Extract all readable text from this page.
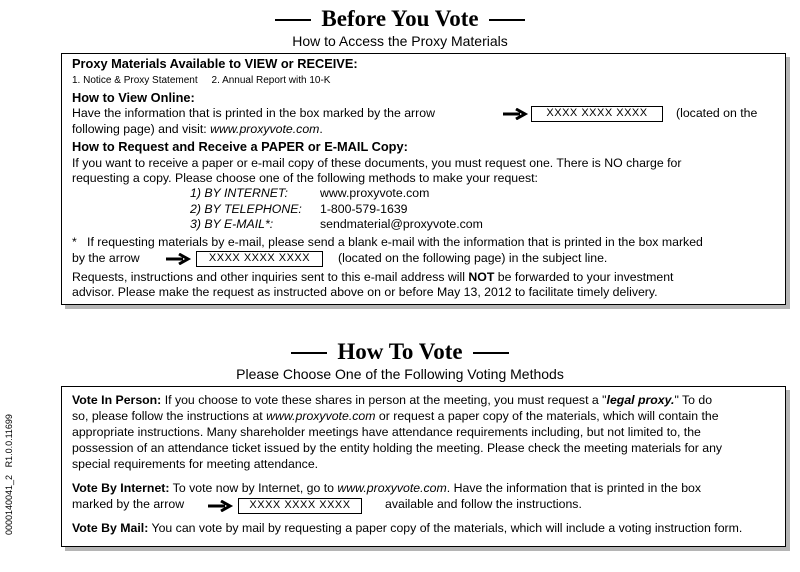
Before You Vote
How to Access the Proxy Materials
Proxy Materials Available to VIEW or RECEIVE:
1. Notice & Proxy Statement     2. Annual Report with 10-K
How to View Online:
Have the information that is printed in the box marked by the arrow	XXXX XXXX XXXX	(located on the
following page) and visit: www.proxyvote.com.
How to Request and Receive a PAPER or E-MAIL Copy:
If you want to receive a paper or e-mail copy of these documents, you must request one. There is NO charge for
requesting a copy. Please choose one of the following methods to make your request:
1) BY INTERNET:	www.proxyvote.com
2) BY TELEPHONE: 1-800-579-1639
3) BY E-MAIL*:	sendmaterial@proxyvote.com
*   If requesting materials by e-mail, please send a blank e-mail with the information that is printed in the box marked
by the arrow	XXXX XXXX XXXX	(located on the following page) in the subject line.
Requests, instructions and other inquiries sent to this e-mail address will NOT be forwarded to your investment
advisor. Please make the request as instructed above on or before May 13, 2012 to facilitate timely delivery.
How To Vote
Please Choose One of the Following Voting Methods
Vote In Person: If you choose to vote these shares in person at the meeting, you must request a "legal proxy." To do
so, please follow the instructions at www.proxyvote.com or request a paper copy of the materials, which will contain the
appropriate instructions. Many shareholder meetings have attendance requirements including, but not limited to, the
possession of an attendance ticket issued by the entity holding the meeting. Please check the meeting materials for any
special requirements for meeting attendance.
Vote By Internet: To vote now by Internet, go to www.proxyvote.com. Have the information that is printed in the box
marked by the arrow	XXXX XXXX XXXX	available and follow the instructions.
Vote By Mail: You can vote by mail by requesting a paper copy of the materials, which will include a voting instruction form.
0000140041_2   R1.0.0.11699
